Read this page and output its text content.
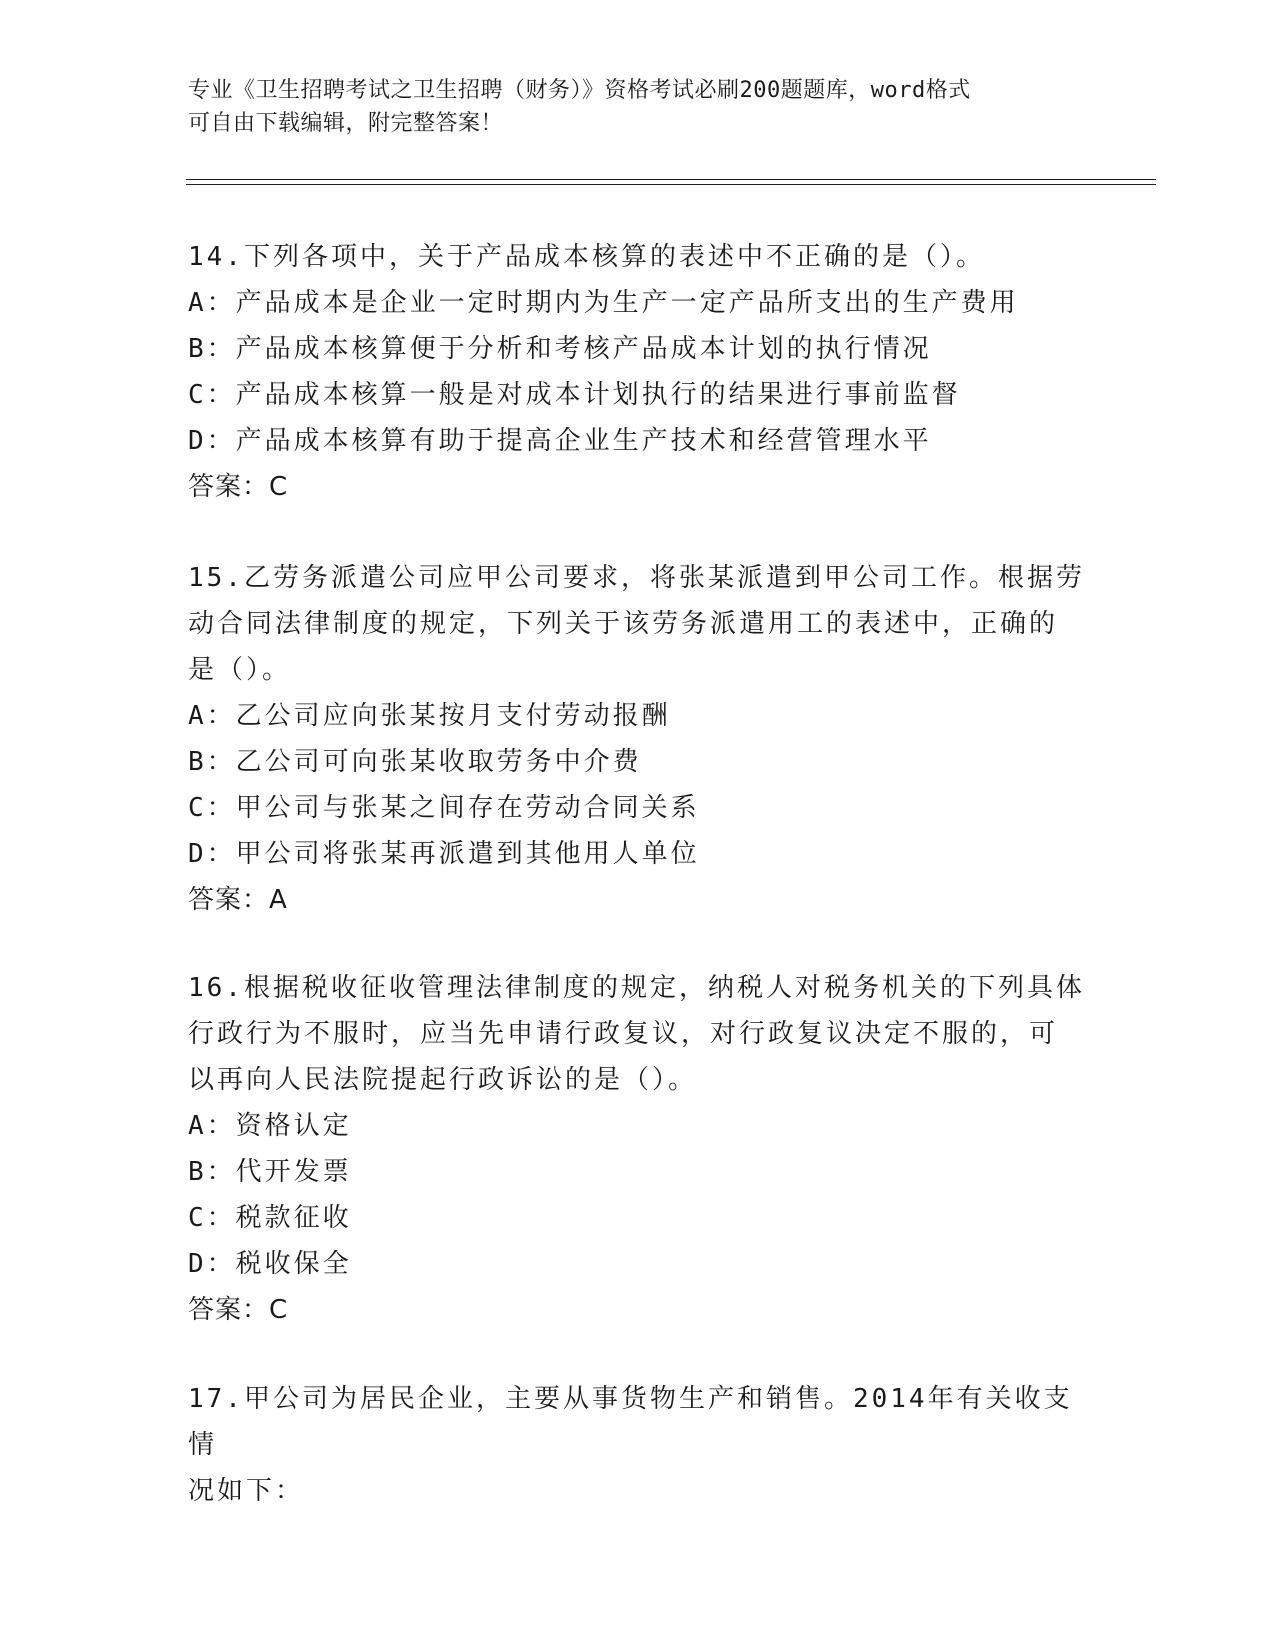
专业《卫生招聘考试之卫生招聘（财务）》资格考试必刷200题题库，word格式
可自由下载编辑，附完整答案！
14.下列各项中，关于产品成本核算的表述中不正确的是（）。
A：产品成本是企业一定时期内为生产一定产品所支出的生产费用
B：产品成本核算便于分析和考核产品成本计划的执行情况
C：产品成本核算一般是对成本计划执行的结果进行事前监督
D：产品成本核算有助于提高企业生产技术和经营管理水平
答案：C
15.乙劳务派遣公司应甲公司要求，将张某派遣到甲公司工作。根据劳
动合同法律制度的规定，下列关于该劳务派遣用工的表述中，正确的
是（）。
A：乙公司应向张某按月支付劳动报酬
B：乙公司可向张某收取劳务中介费
C：甲公司与张某之间存在劳动合同关系
D：甲公司将张某再派遣到其他用人单位
答案：A
16.根据税收征收管理法律制度的规定，纳税人对税务机关的下列具体
行政行为不服时，应当先申请行政复议，对行政复议决定不服的，可
以再向人民法院提起行政诉讼的是（）。
A：资格认定
B：代开发票
C：税款征收
D：税收保全
答案：C
17.甲公司为居民企业，主要从事货物生产和销售。2014年有关收支情
况如下：
